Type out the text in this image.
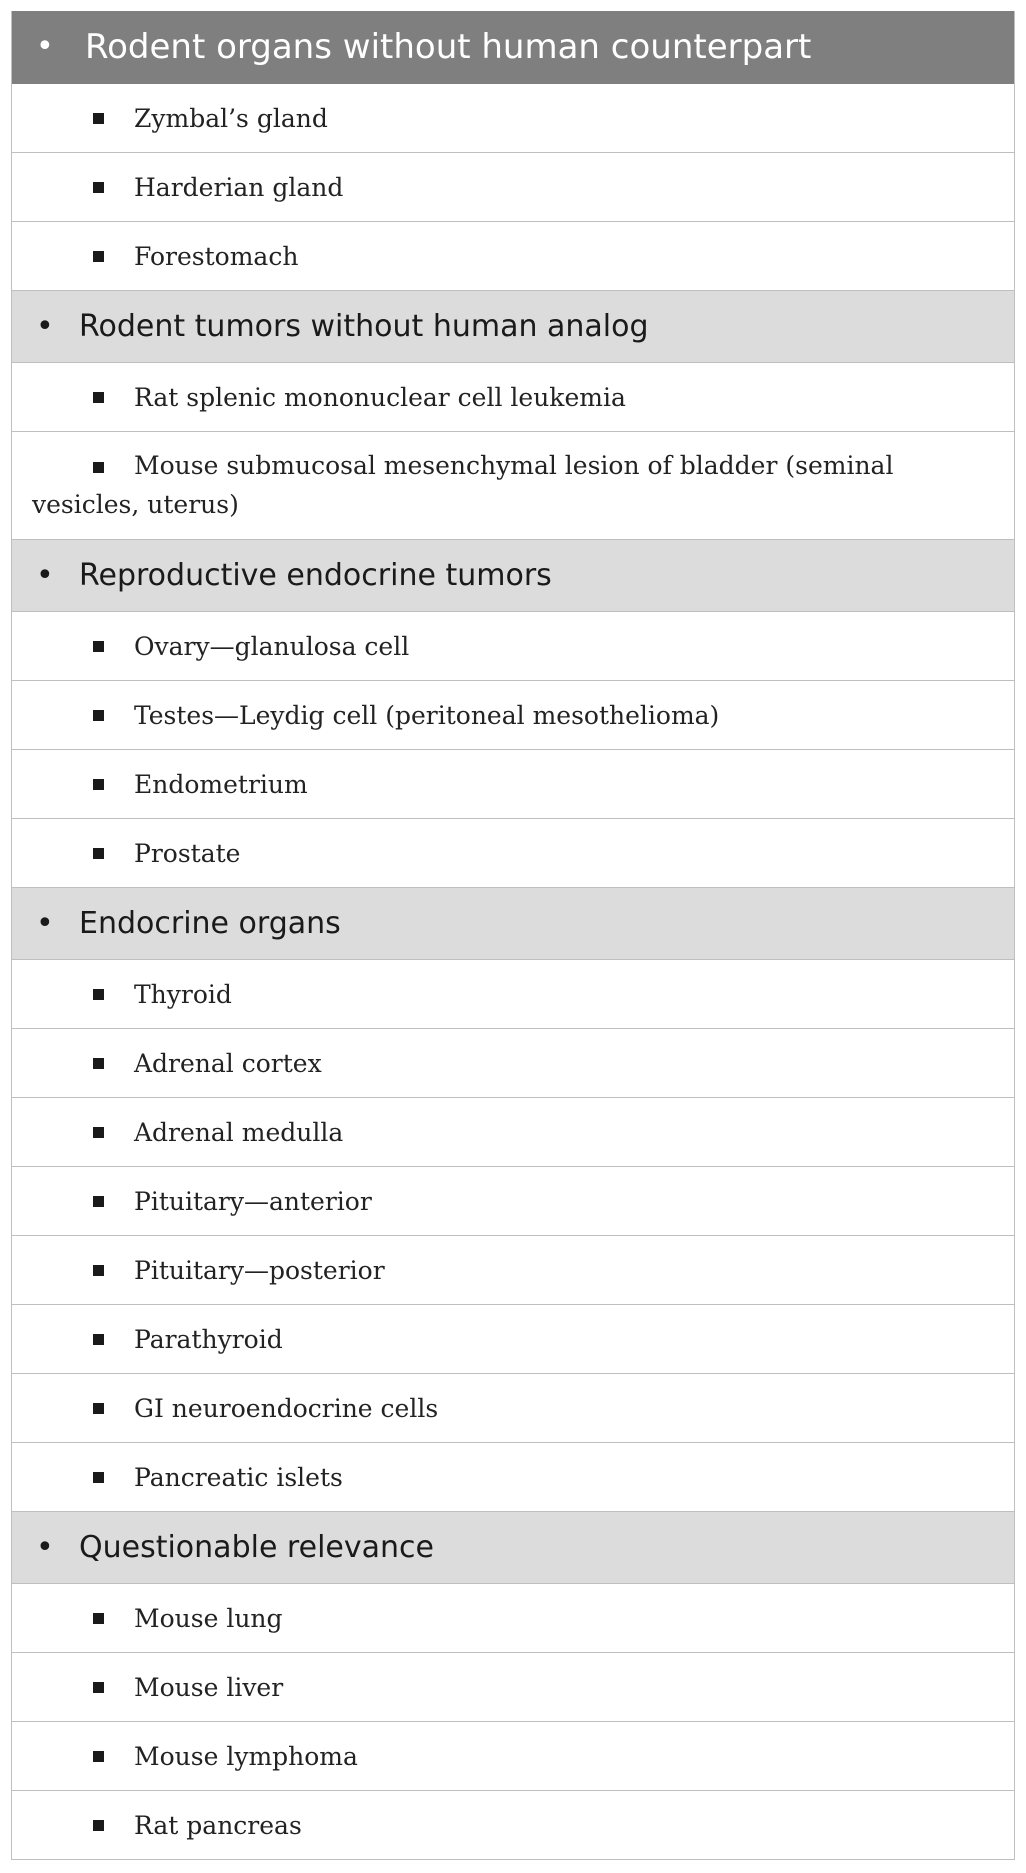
• Rodent organs without human counterpart
Zymbal’s gland
Harderian gland
Forestomach
• Rodent tumors without human analog
Rat splenic mononuclear cell leukemia
Mouse submucosal mesenchymal lesion of bladder (seminal vesicles, uterus)
• Reproductive endocrine tumors
Ovary—glanulosa cell
Testes—Leydig cell (peritoneal mesothelioma)
Endometrium
Prostate
• Endocrine organs
Thyroid
Adrenal cortex
Adrenal medulla
Pituitary—anterior
Pituitary—posterior
Parathyroid
GI neuroendocrine cells
Pancreatic islets
• Questionable relevance
Mouse lung
Mouse liver
Mouse lymphoma
Rat pancreas
